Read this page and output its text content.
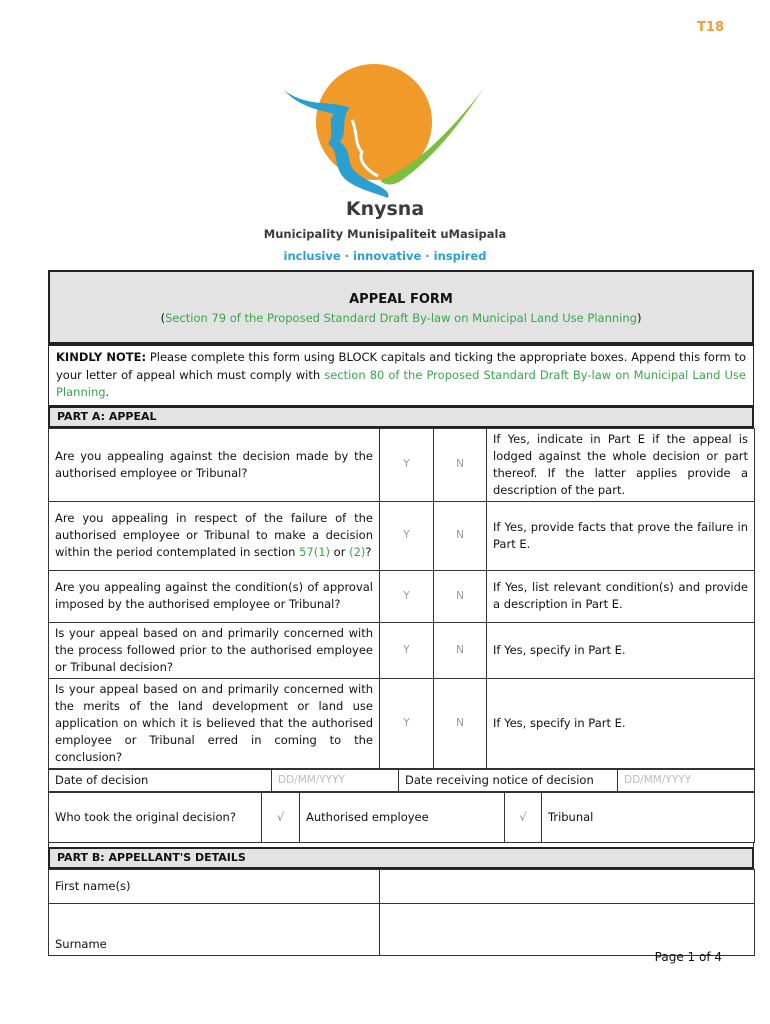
T18
Knysna
Municipality Munisipaliteit uMasipala
inclusive · innovative · inspired
APPEAL FORM
(Section 79 of the Proposed Standard Draft By-law on Municipal Land Use Planning)
KINDLY NOTE: Please complete this form using BLOCK capitals and ticking the appropriate boxes. Append this form to your letter of appeal which must comply with section 80 of the Proposed Standard Draft By-law on Municipal Land Use Planning.
PART A: APPEAL
Are you appealing against the decision made by the authorised employee or Tribunal?	Y	N	If Yes, indicate in Part E if the appeal is lodged against the whole decision or part thereof. If the latter applies provide a description of the part.
Are you appealing in respect of the failure of the authorised employee or Tribunal to make a decision within the period contemplated in section 57(1) or (2)?	Y	N	If Yes, provide facts that prove the failure in Part E.
Are you appealing against the condition(s) of approval imposed by the authorised employee or Tribunal?	Y	N	If Yes, list relevant condition(s) and provide a description in Part E.
Is your appeal based on and primarily concerned with the process followed prior to the authorised employee or Tribunal decision?	Y	N	If Yes, specify in Part E.
Is your appeal based on and primarily concerned with the merits of the land development or land use application on which it is believed that the authorised employee or Tribunal erred in coming to the conclusion?	Y	N	If Yes, specify in Part E.
Date of decision	DD/MM/YYYY	Date receiving notice of decision	DD/MM/YYYY
Who took the original decision?	√	Authorised employee	√	Tribunal
PART B: APPELLANT'S DETAILS
First name(s)	
Surname	
Page 1 of 4
